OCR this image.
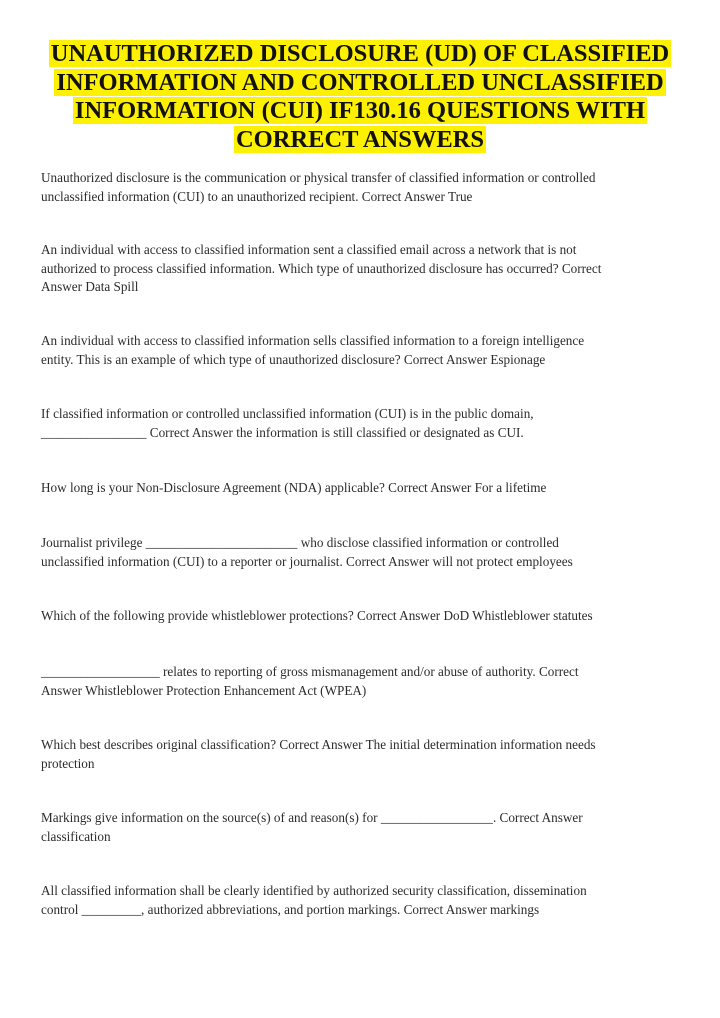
UNAUTHORIZED DISCLOSURE (UD) OF CLASSIFIED
INFORMATION AND CONTROLLED UNCLASSIFIED
INFORMATION (CUI) IF130.16 QUESTIONS WITH
CORRECT ANSWERS

Unauthorized disclosure is the communication or physical transfer of classified information or controlled
unclassified information (CUI) to an unauthorized recipient. Correct Answer True

An individual with access to classified information sent a classified email across a network that is not
authorized to process classified information. Which type of unauthorized disclosure has occurred? Correct
Answer Data Spill

An individual with access to classified information sells classified information to a foreign intelligence
entity. This is an example of which type of unauthorized disclosure? Correct Answer Espionage

If classified information or controlled unclassified information (CUI) is in the public domain,
________________ Correct Answer the information is still classified or designated as CUI.

How long is your Non-Disclosure Agreement (NDA) applicable? Correct Answer For a lifetime

Journalist privilege _______________________ who disclose classified information or controlled
unclassified information (CUI) to a reporter or journalist. Correct Answer will not protect employees

Which of the following provide whistleblower protections? Correct Answer DoD Whistleblower statutes

__________________ relates to reporting of gross mismanagement and/or abuse of authority. Correct
Answer Whistleblower Protection Enhancement Act (WPEA)

Which best describes original classification? Correct Answer The initial determination information needs
protection

Markings give information on the source(s) of and reason(s) for _________________. Correct Answer
classification

All classified information shall be clearly identified by authorized security classification, dissemination
control _________, authorized abbreviations, and portion markings. Correct Answer markings
